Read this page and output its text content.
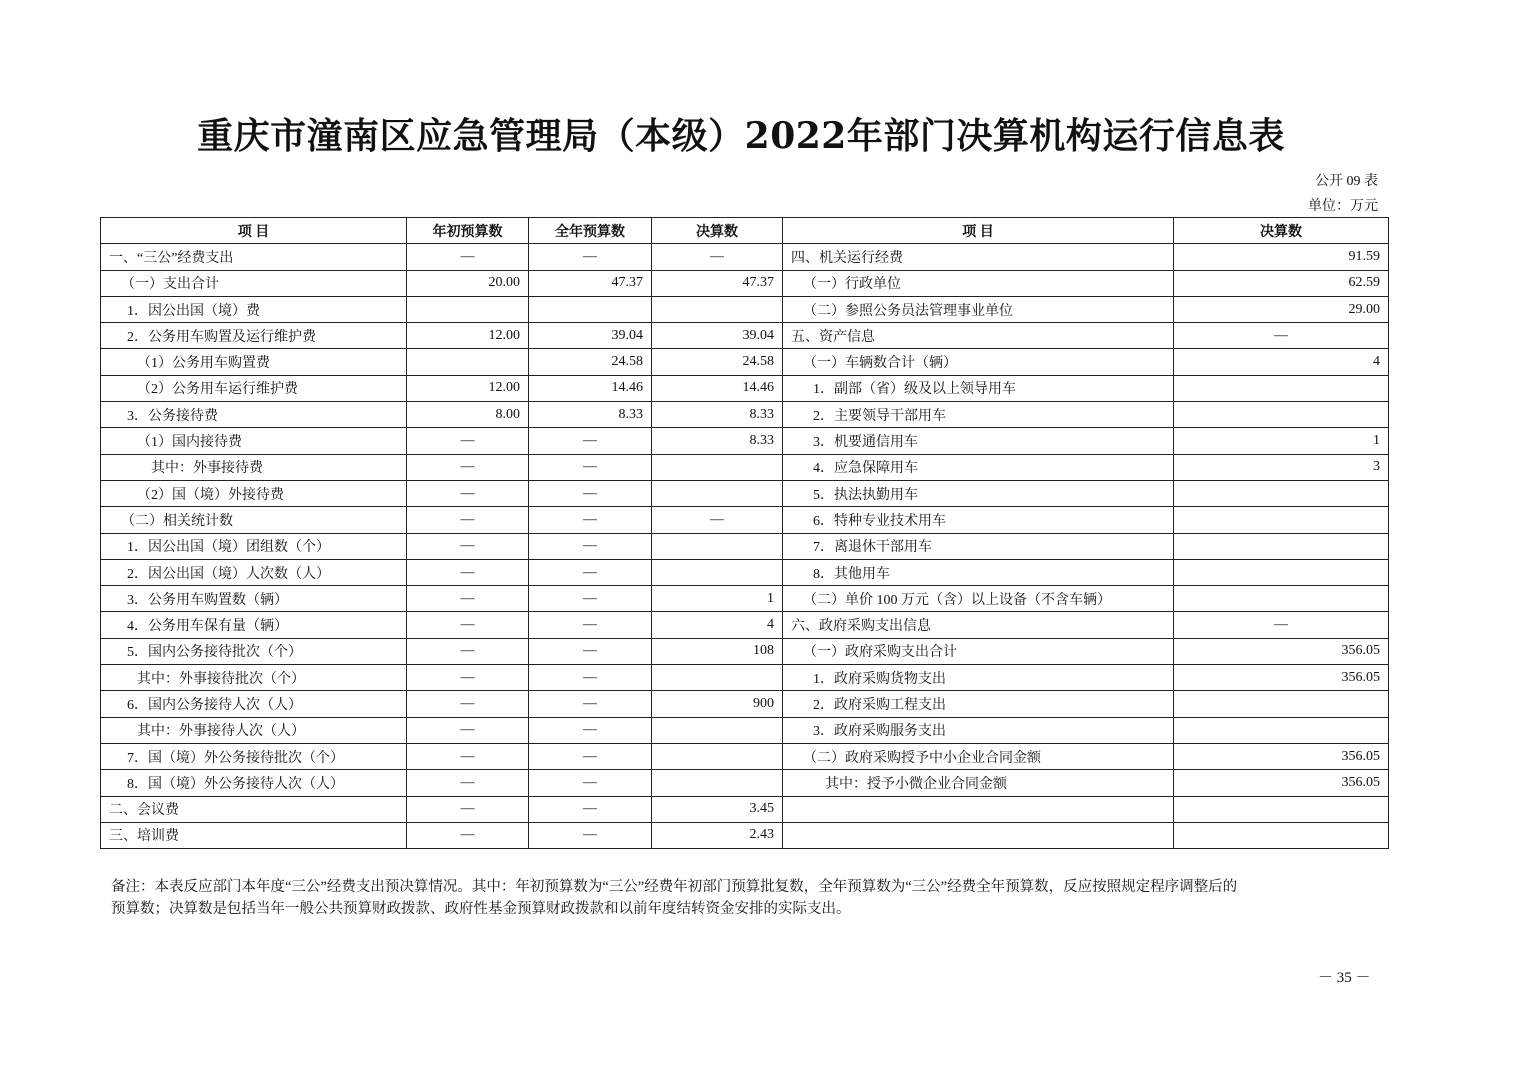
重庆市潼南区应急管理局（本级）2022年部门决算机构运行信息表
公开 09 表
单位：万元
项 目	年初预算数	全年预算数	决算数	项 目	决算数
一、“三公”经费支出	—	—	—	四、机关运行经费	91.59
（一）支出合计	20.00	47.37	47.37	（一）行政单位	62.59
1．因公出国（境）费				（二）参照公务员法管理事业单位	29.00
2．公务用车购置及运行维护费	12.00	39.04	39.04	五、资产信息	—
（1）公务用车购置费		24.58	24.58	（一）车辆数合计（辆）	4
（2）公务用车运行维护费	12.00	14.46	14.46	1．副部（省）级及以上领导用车	
3．公务接待费	8.00	8.33	8.33	2．主要领导干部用车	
（1）国内接待费	—	—	8.33	3．机要通信用车	1
其中：外事接待费	—	—		4．应急保障用车	3
（2）国（境）外接待费	—	—		5．执法执勤用车	
（二）相关统计数	—	—	—	6．特种专业技术用车	
1．因公出国（境）团组数（个）	—	—		7．离退休干部用车	
2．因公出国（境）人次数（人）	—	—		8．其他用车	
3．公务用车购置数（辆）	—	—	1	（二）单价 100 万元（含）以上设备（不含车辆）	
4．公务用车保有量（辆）	—	—	4	六、政府采购支出信息	—
5．国内公务接待批次（个）	—	—	108	（一）政府采购支出合计	356.05
其中：外事接待批次（个）	—	—		1．政府采购货物支出	356.05
6．国内公务接待人次（人）	—	—	900	2．政府采购工程支出	
其中：外事接待人次（人）	—	—		3．政府采购服务支出	
7．国（境）外公务接待批次（个）	—	—		（二）政府采购授予中小企业合同金额	356.05
8．国（境）外公务接待人次（人）	—	—		其中：授予小微企业合同金额	356.05
二、会议费	—	—	3.45		
三、培训费	—	—	2.43		
备注：本表反应部门本年度“三公”经费支出预决算情况。其中：年初预算数为“三公”经费年初部门预算批复数，全年预算数为“三公”经费全年预算数，反应按照规定程序调整后的
预算数；决算数是包括当年一般公共预算财政拨款、政府性基金预算财政拨款和以前年度结转资金安排的实际支出。
－ 35 －
